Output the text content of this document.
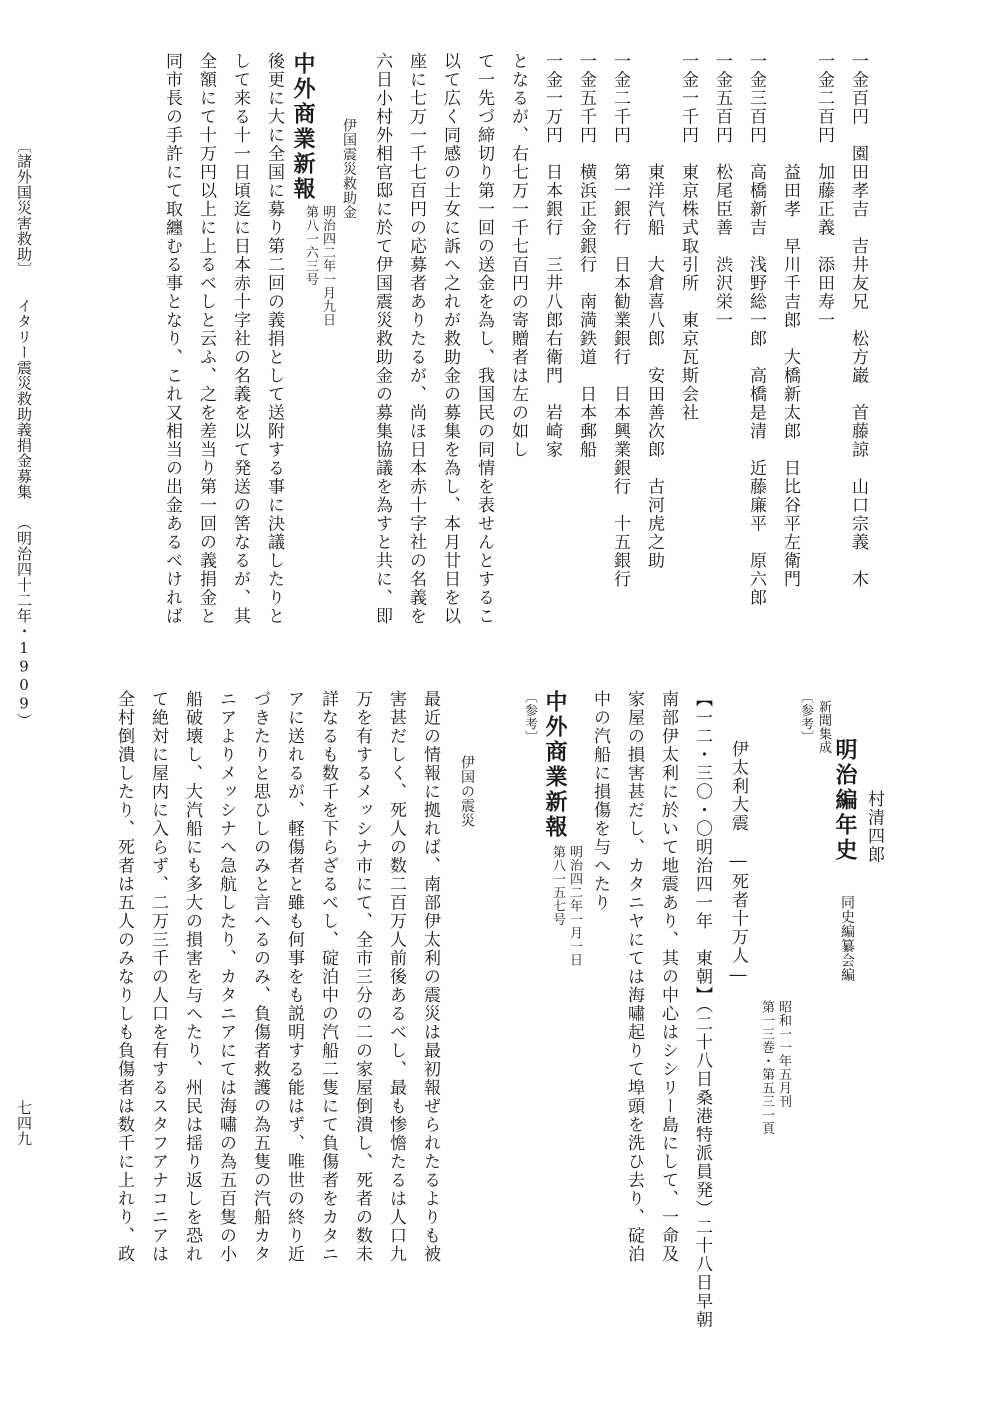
同市長の手許にて取纏むる事となり、これ又相当の出金あるべければ 全額にて十万円以上に上るべしと云ふ、之を差当り第一回の義捐金と して来る十一日頃迄に日本赤十字社の名義を以て発送の筈なるが、其 後更に大に全国に募り第二回の義捐として送附する事に決議したりと 中外商業新報
第八一六三号 明治四二年一月九日
伊国震災救助金 六日小村外相官邸に於て伊国震災救助金の募集協議を為すと共に、即 座に七万一千七百円の応募者ありたるが、尚ほ日本赤十字社の名義を 以て広く同感の士女に訴へ之れが救助金の募集を為し、本月廿日を以 て一先づ締切り第一回の送金を為し、我国民の同情を表せんとするこ となるが、右七万一千七百円の寄贈者は左の如し 一金一万円　日本銀行　三井八郎右衛門　岩崎家 一金五千円　横浜正金銀行　南満鉄道　日本郵船 一金二千円　第一銀行　日本勧業銀行　日本興業銀行　十五銀行 　　　　　　東洋汽船　大倉喜八郎　安田善次郎　古河虎之助 一金一千円　東京株式取引所　東京瓦斯会社 一金五百円　松尾臣善　渋沢栄一 一金三百円　高橋新吉　浅野総一郎　高橋是清　近藤廉平　原六郎 　　　　　　益田孝　早川千吉郎　大橋新太郎　日比谷平左衛門 一金二百円　加藤正義　添田寿一 一金百円　園田孝吉　吉井友兄　松方巌　首藤諒　山口宗義　木
村清四郎
〔参考〕 新聞集成
明治編年史
同史編纂会編
第一三巻・第五三一頁 昭和一一年五月刊
伊太利大震　―死者十万人―
【一二・三〇・〇明治四一年　東朝】（二十八日桑港特派員発）二十八日早朝
南部伊太利に於いて地震あり、其の中心はシシリー島にして、一命及
家屋の損害甚だし、カタニヤにては海嘯起りて埠頭を洗ひ去り、碇泊
中の汽船に損傷を与へたり
〔参考〕 中外商業新報
第八一五七号 明治四二年一月一日
伊国の震災
最近の情報に拠れば、南部伊太利の震災は最初報ぜられたるよりも被
害甚だしく、死人の数二百万人前後あるべし、最も惨憺たるは人口九
万を有するメッシナ市にて、全市三分の二の家屋倒潰し、死者の数未
詳なるも数千を下らざるべし、碇泊中の汽船二隻にて負傷者をカタニ
アに送れるが、軽傷者と雖も何事をも説明する能はず、唯世の終り近
づきたりと思ひしのみと言へるのみ、負傷者救護の為五隻の汽船カタ
ニアよりメッシナへ急航したり、カタニアにては海嘯の為五百隻の小
船破壊し、大汽船にも多大の損害を与へたり、州民は揺り返しを恐れ
て絶対に屋内に入らず、二万三千の人口を有するスタフアナコニアは
全村倒潰したり、死者は五人のみなりしも負傷者は数千に上れり、政
〔諸外国災害救助〕
イタリー震災救助義捐金募集
（明治四十二年・1909）
七四九
